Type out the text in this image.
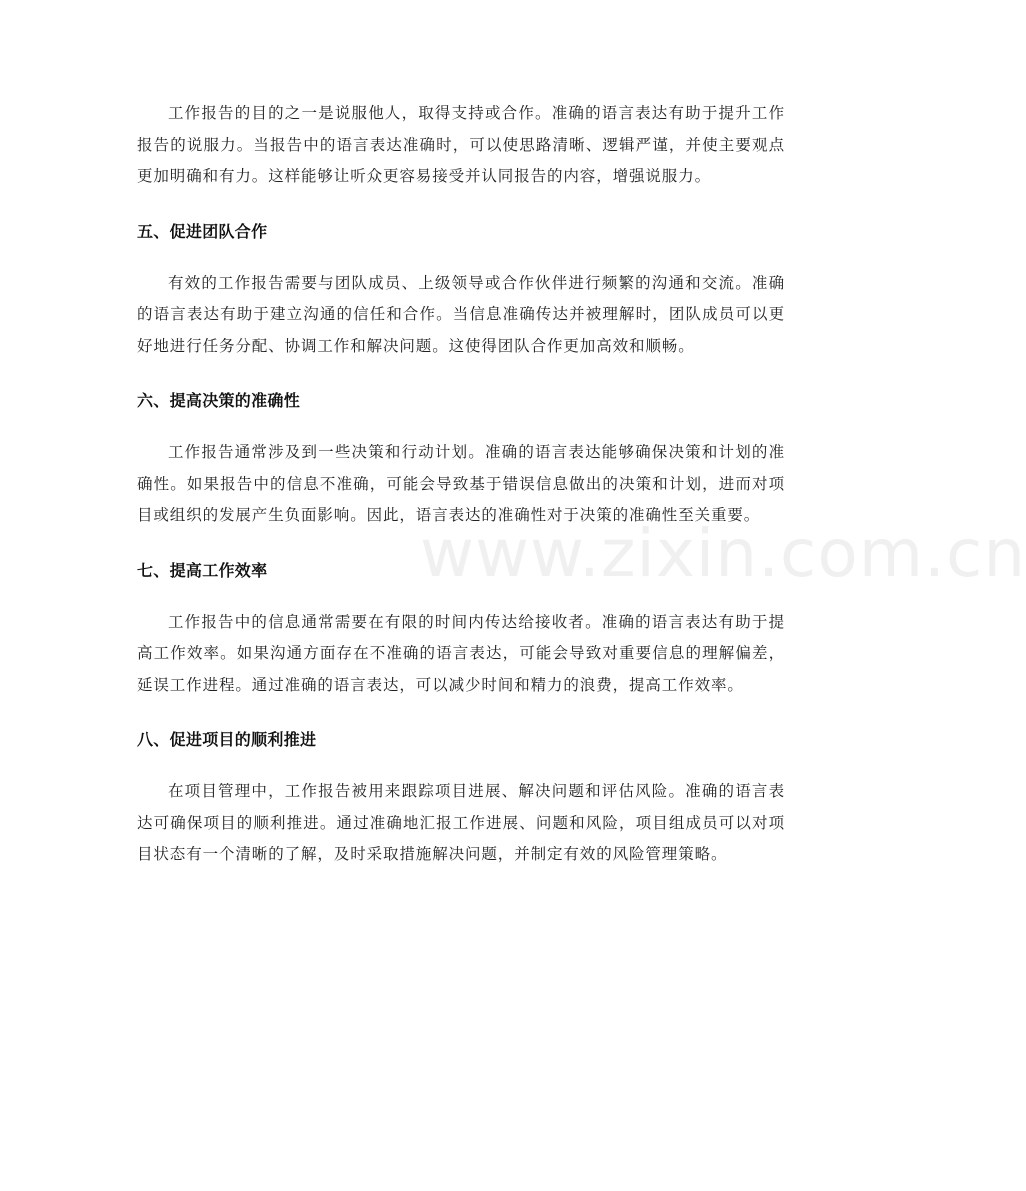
www.zixin.com.cn

工作报告的目的之一是说服他人，取得支持或合作。准确的语言表达有助于提升工作报告的说服力。当报告中的语言表达准确时，可以使思路清晰、逻辑严谨，并使主要观点更加明确和有力。这样能够让听众更容易接受并认同报告的内容，增强说服力。

五、促进团队合作

有效的工作报告需要与团队成员、上级领导或合作伙伴进行频繁的沟通和交流。准确的语言表达有助于建立沟通的信任和合作。当信息准确传达并被理解时，团队成员可以更好地进行任务分配、协调工作和解决问题。这使得团队合作更加高效和顺畅。

六、提高决策的准确性

工作报告通常涉及到一些决策和行动计划。准确的语言表达能够确保决策和计划的准确性。如果报告中的信息不准确，可能会导致基于错误信息做出的决策和计划，进而对项目或组织的发展产生负面影响。因此，语言表达的准确性对于决策的准确性至关重要。

七、提高工作效率

工作报告中的信息通常需要在有限的时间内传达给接收者。准确的语言表达有助于提高工作效率。如果沟通方面存在不准确的语言表达，可能会导致对重要信息的理解偏差，延误工作进程。通过准确的语言表达，可以减少时间和精力的浪费，提高工作效率。

八、促进项目的顺利推进

在项目管理中，工作报告被用来跟踪项目进展、解决问题和评估风险。准确的语言表达可确保项目的顺利推进。通过准确地汇报工作进展、问题和风险，项目组成员可以对项目状态有一个清晰的了解，及时采取措施解决问题，并制定有效的风险管理策略。
